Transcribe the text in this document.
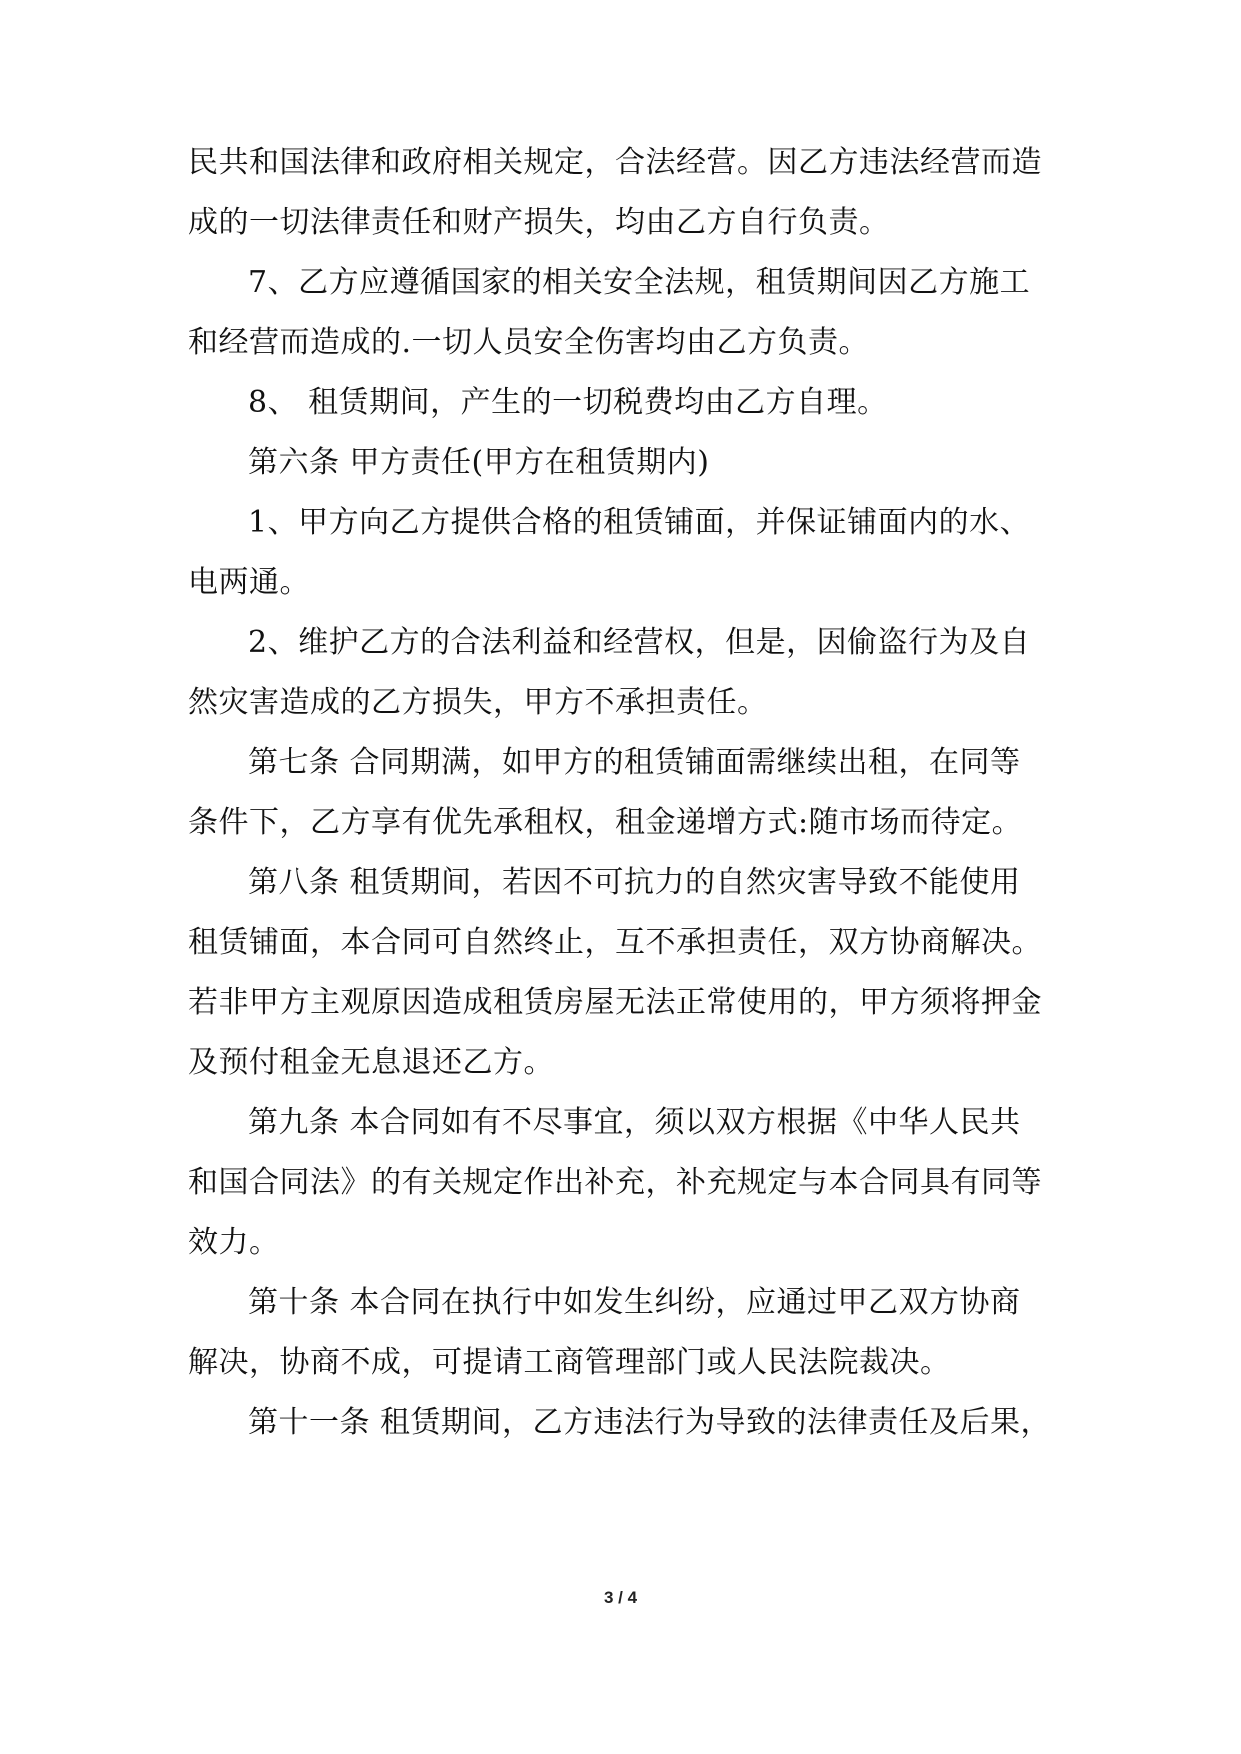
民共和国法律和政府相关规定，合法经营。因乙方违法经营而造
成的一切法律责任和财产损失，均由乙方自行负责。
7、乙方应遵循国家的相关安全法规，租赁期间因乙方施工
和经营而造成的.一切人员安全伤害均由乙方负责。
8、 租赁期间，产生的一切税费均由乙方自理。
第六条 甲方责任(甲方在租赁期内)
1、甲方向乙方提供合格的租赁铺面，并保证铺面内的水、
电两通。
2、维护乙方的合法利益和经营权，但是，因偷盗行为及自
然灾害造成的乙方损失，甲方不承担责任。
第七条 合同期满，如甲方的租赁铺面需继续出租，在同等
条件下，乙方享有优先承租权，租金递增方式:随市场而待定。
第八条 租赁期间，若因不可抗力的自然灾害导致不能使用
租赁铺面，本合同可自然终止，互不承担责任，双方协商解决。
若非甲方主观原因造成租赁房屋无法正常使用的，甲方须将押金
及预付租金无息退还乙方。
第九条 本合同如有不尽事宜，须以双方根据《中华人民共
和国合同法》的有关规定作出补充，补充规定与本合同具有同等
效力。
第十条 本合同在执行中如发生纠纷，应通过甲乙双方协商
解决，协商不成，可提请工商管理部门或人民法院裁决。
第十一条 租赁期间，乙方违法行为导致的法律责任及后果，
3 / 4
